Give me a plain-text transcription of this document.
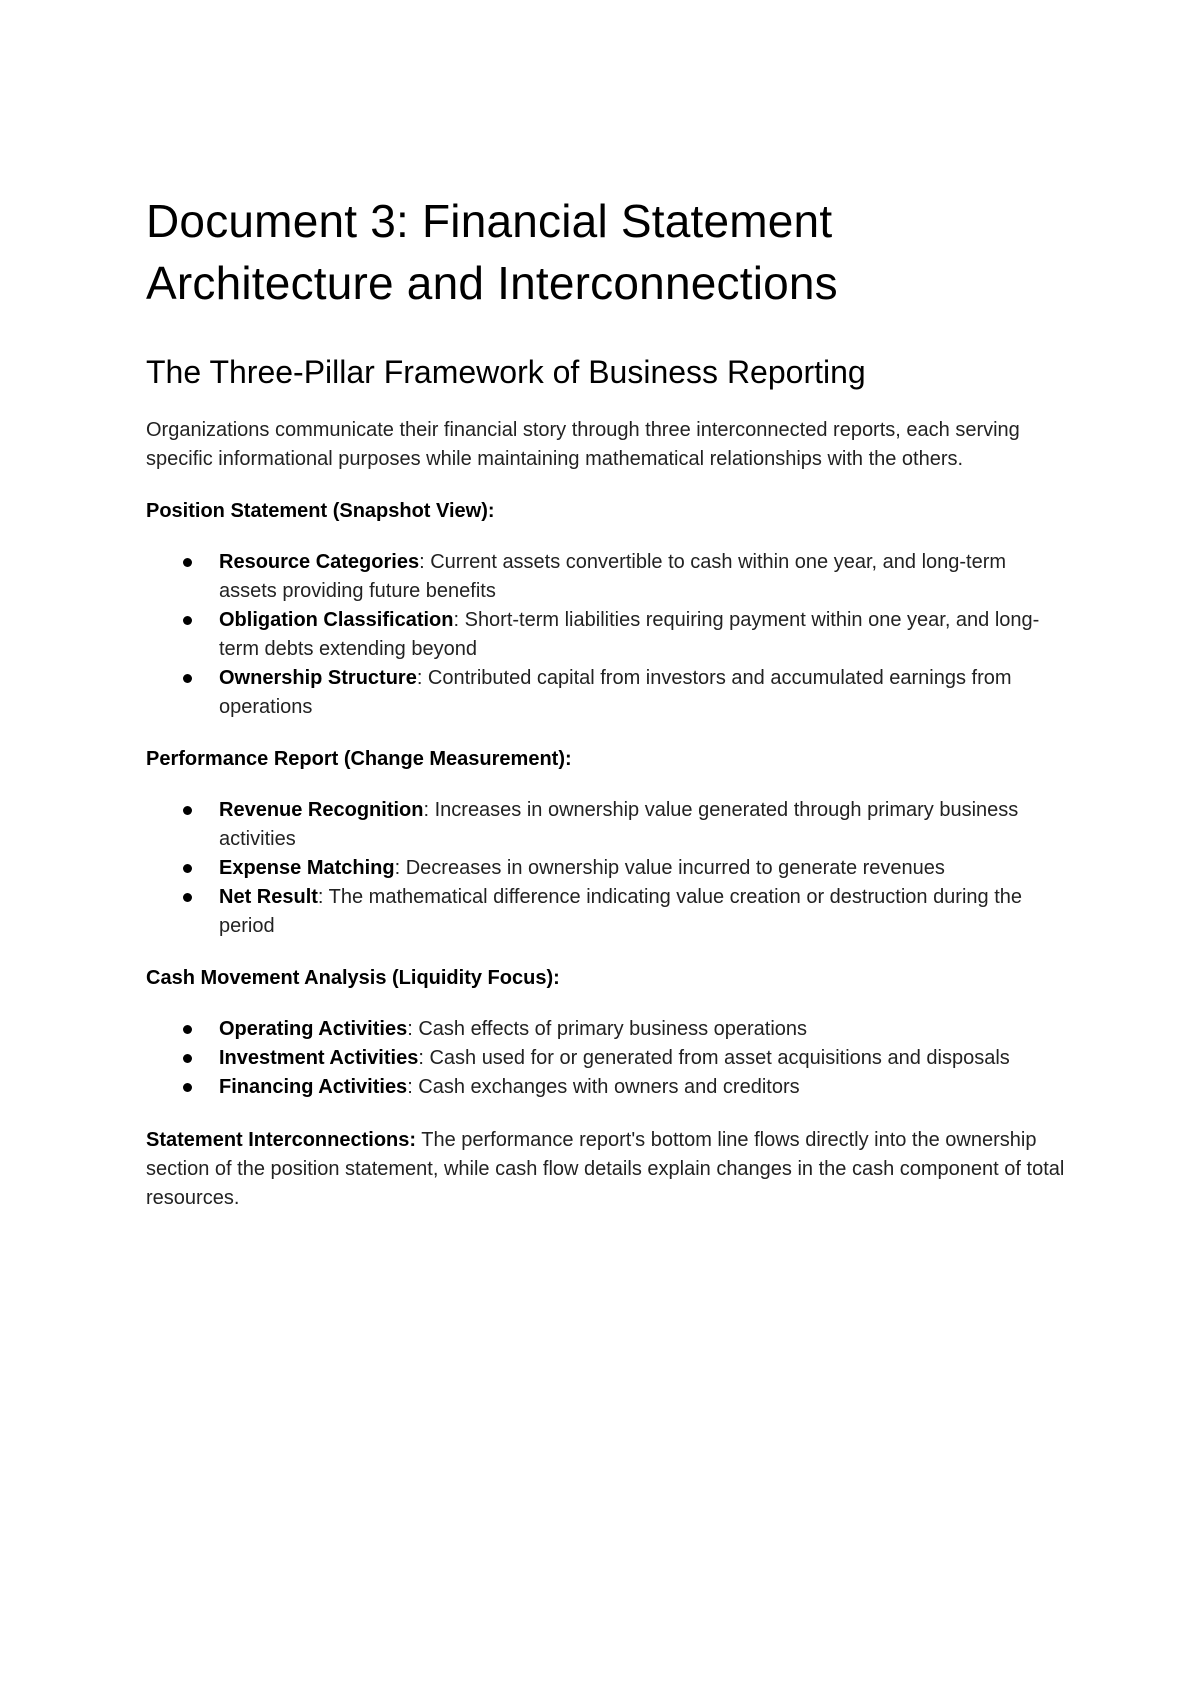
Document 3: Financial Statement Architecture and Interconnections
The Three-Pillar Framework of Business Reporting

Organizations communicate their financial story through three interconnected reports, each serving specific informational purposes while maintaining mathematical relationships with the others.

Position Statement (Snapshot View):

Resource Categories: Current assets convertible to cash within one year, and long-term assets providing future benefits
Obligation Classification: Short-term liabilities requiring payment within one year, and long-term debts extending beyond
Ownership Structure: Contributed capital from investors and accumulated earnings from operations

Performance Report (Change Measurement):

Revenue Recognition: Increases in ownership value generated through primary business activities
Expense Matching: Decreases in ownership value incurred to generate revenues
Net Result: The mathematical difference indicating value creation or destruction during the period

Cash Movement Analysis (Liquidity Focus):

Operating Activities: Cash effects of primary business operations
Investment Activities: Cash used for or generated from asset acquisitions and disposals
Financing Activities: Cash exchanges with owners and creditors

Statement Interconnections: The performance report's bottom line flows directly into the ownership section of the position statement, while cash flow details explain changes in the cash component of total resources.
